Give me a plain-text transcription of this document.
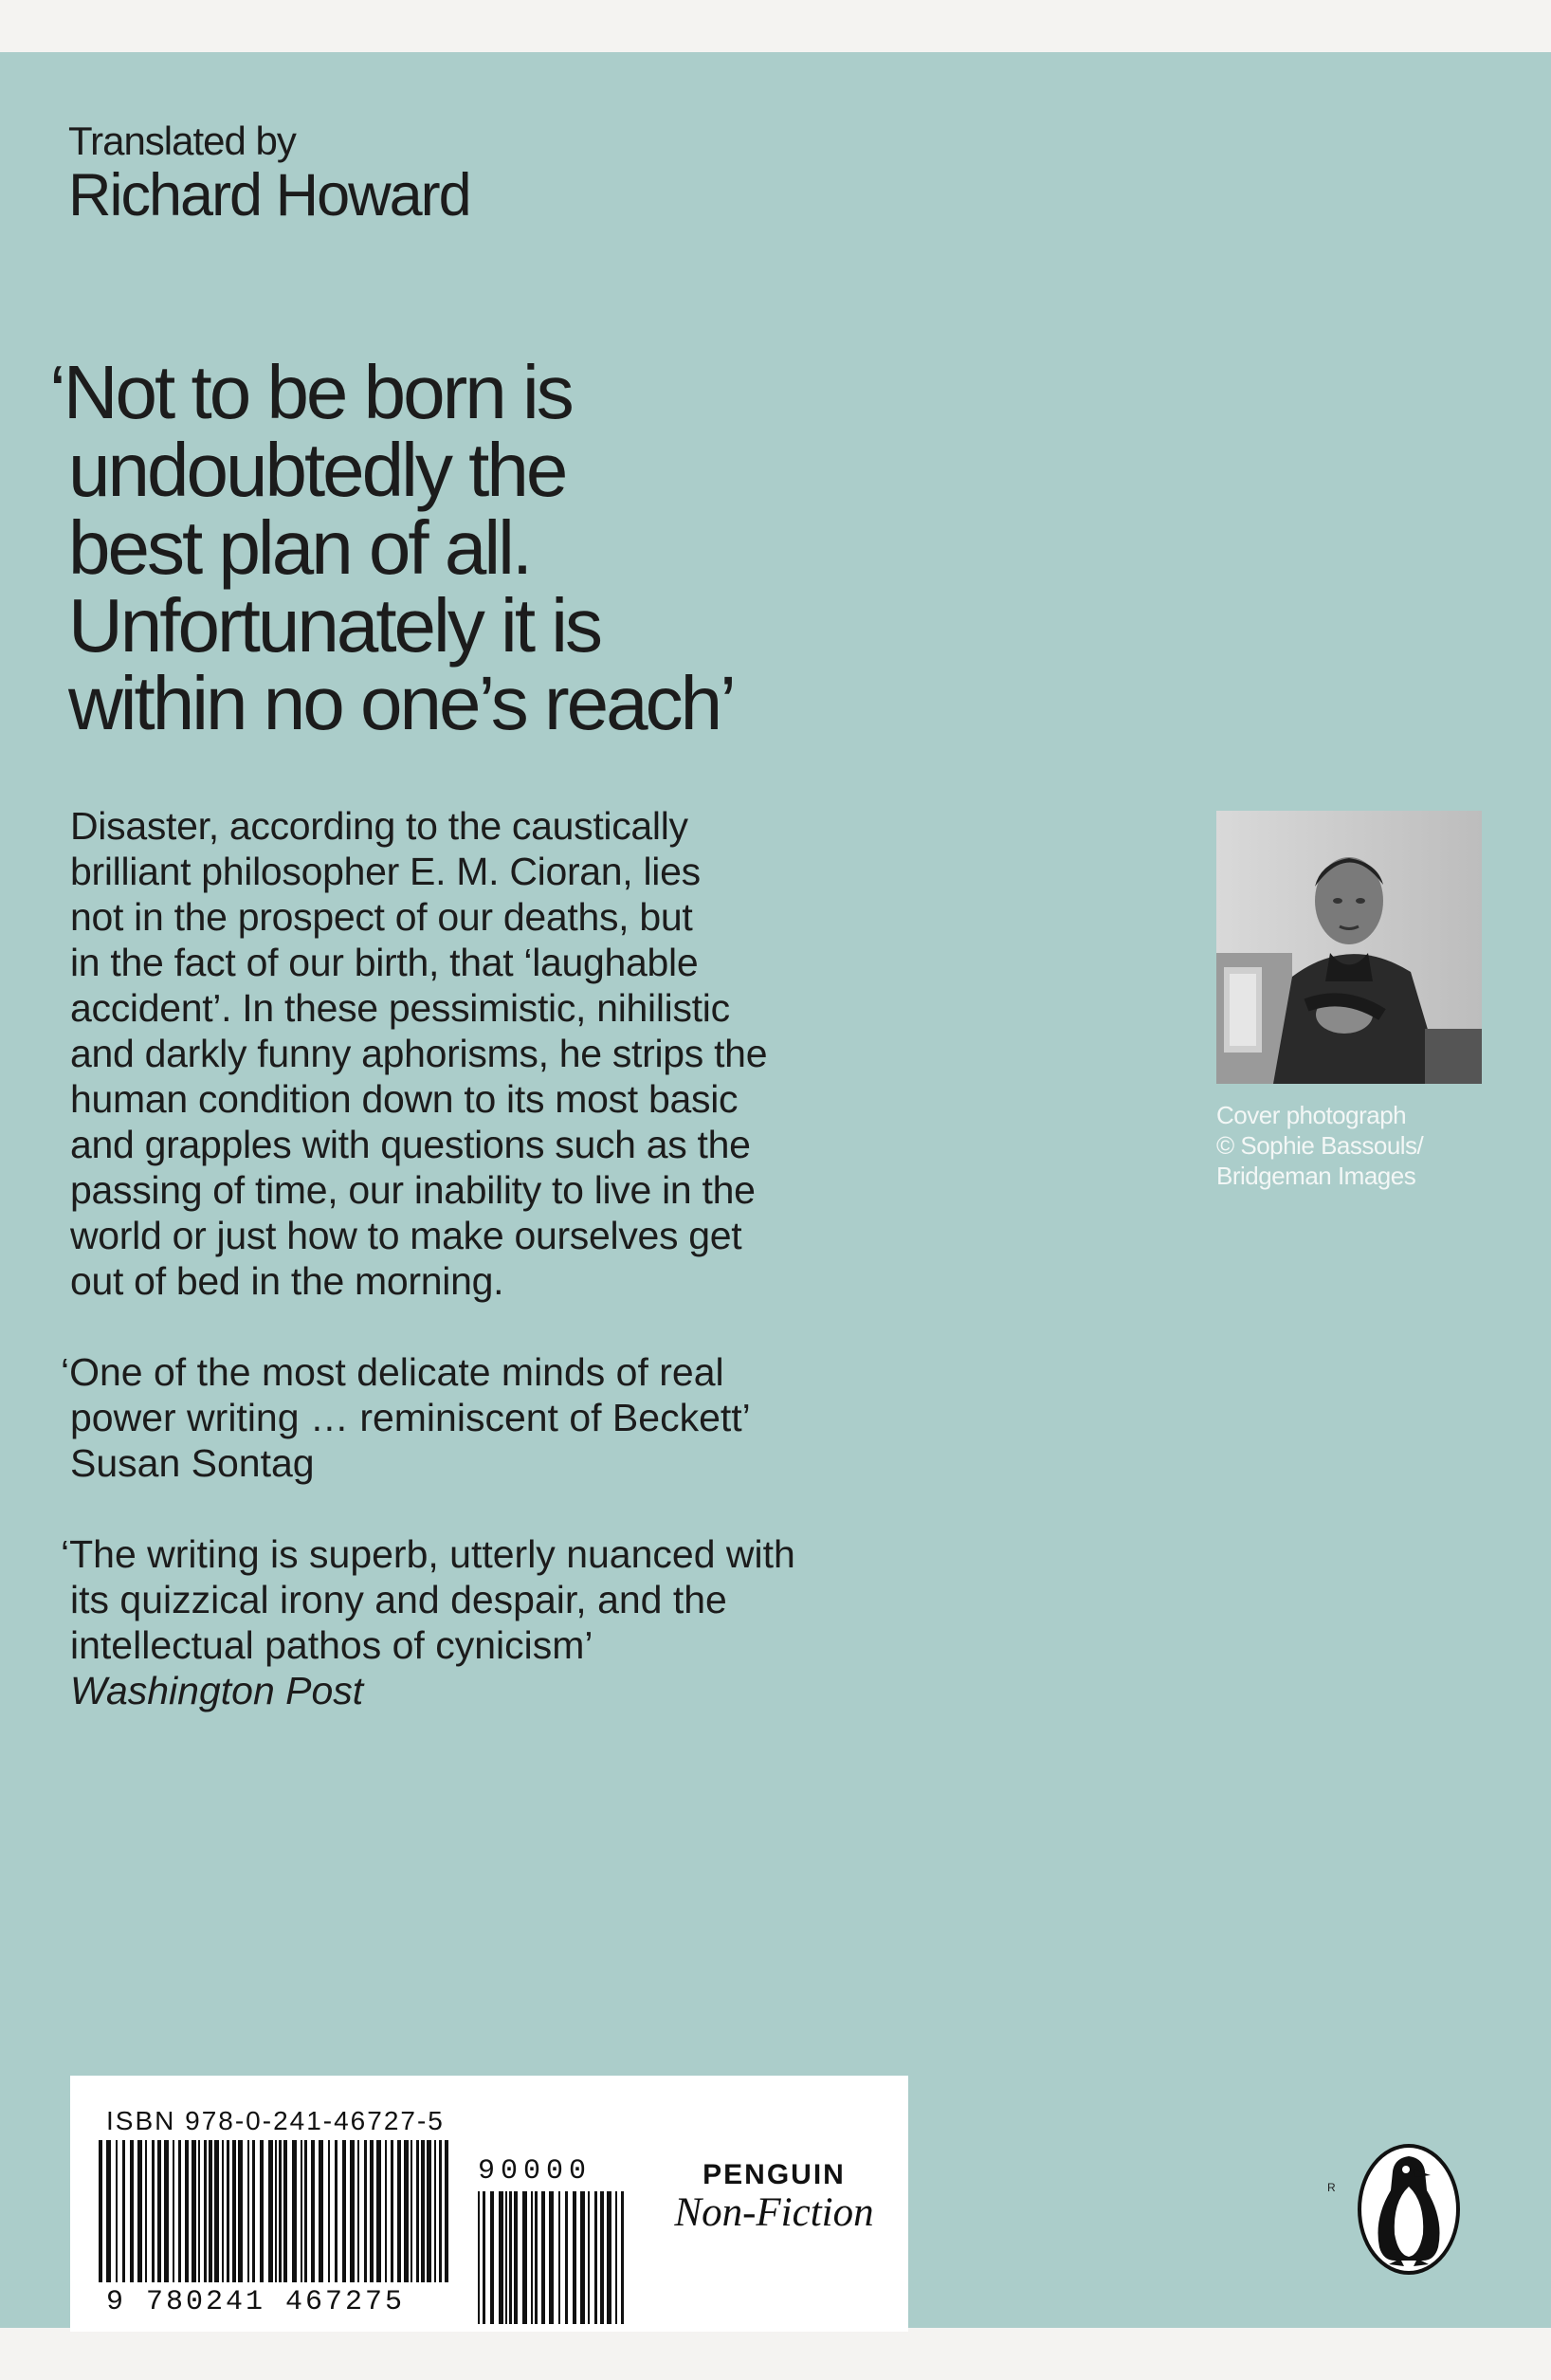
Translated by
Richard Howard

‘Not to be born is
undoubtedly the
best plan of all.
Unfortunately it is
within no one’s reach’

Disaster, according to the caustically
brilliant philosopher E. M. Cioran, lies
not in the prospect of our deaths, but
in the fact of our birth, that ‘laughable
accident’. In these pessimistic, nihilistic
and darkly funny aphorisms, he strips the
human condition down to its most basic
and grapples with questions such as the
passing of time, our inability to live in the
world or just how to make ourselves get
out of bed in the morning.
‘One of the most delicate minds of real
power writing … reminiscent of Beckett’
Susan Sontag
‘The writing is superb, utterly nuanced with
its quizzical irony and despair, and the
intellectual pathos of cynicism’
Washington Post
Cover photograph
© Sophie Bassouls/
Bridgeman Images
ISBN 978-0-241-46727-5
9 780241 467275
90000	PENGUIN
Non-Fiction
R
